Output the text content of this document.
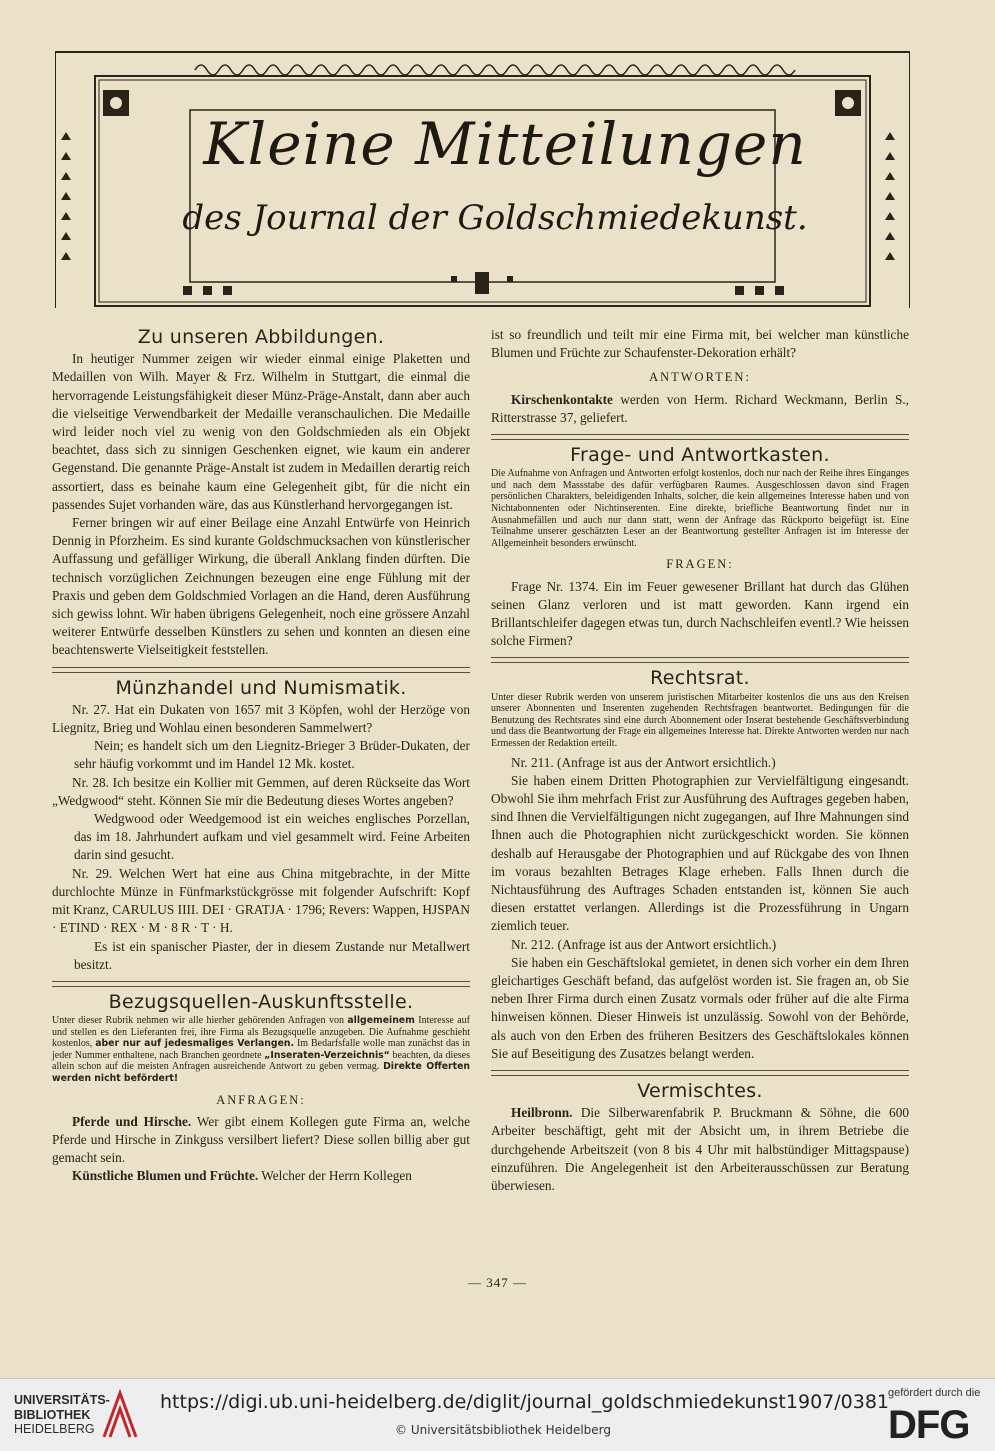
Kleine Mitteilungen
des Journal der Goldschmiedekunst.
Zu unseren Abbildungen.

In heutiger Nummer zeigen wir wieder einmal einige Plaketten und Medaillen von Wilh. Mayer & Frz. Wilhelm in Stuttgart, die einmal die hervorragende Leistungsfähigkeit dieser Münz-Präge-Anstalt, dann aber auch die vielseitige Verwendbarkeit der Medaille veranschaulichen. Die Medaille wird leider noch viel zu wenig von den Goldschmieden als ein Objekt beachtet, dass sich zu sinnigen Geschenken eignet, wie kaum ein anderer Gegenstand. Die genannte Präge-Anstalt ist zudem in Medaillen derartig reich assortiert, dass es beinahe kaum eine Gelegenheit gibt, für die nicht ein passendes Sujet vorhanden wäre, das aus Künstlerhand hervorgegangen ist.

Ferner bringen wir auf einer Beilage eine Anzahl Entwürfe von Heinrich Dennig in Pforzheim. Es sind kurante Goldschmucksachen von künstlerischer Auffassung und gefälliger Wirkung, die überall Anklang finden dürften. Die technisch vorzüglichen Zeichnungen bezeugen eine enge Fühlung mit der Praxis und geben dem Goldschmied Vorlagen an die Hand, deren Ausführung sich gewiss lohnt. Wir haben übrigens Gelegenheit, noch eine grössere Anzahl weiterer Entwürfe desselben Künstlers zu sehen und konnten an diesen eine beachtenswerte Vielseitigkeit feststellen.

Münzhandel und Numismatik.

Nr. 27. Hat ein Dukaten von 1657 mit 3 Köpfen, wohl der Herzöge von Liegnitz, Brieg und Wohlau einen besonderen Sammelwert?

Nein; es handelt sich um den Liegnitz-Brieger 3 Brüder-Dukaten, der sehr häufig vorkommt und im Handel 12 Mk. kostet.

Nr. 28. Ich besitze ein Kollier mit Gemmen, auf deren Rückseite das Wort „Wedgwood“ steht. Können Sie mir die Bedeutung dieses Wortes angeben?

Wedgwood oder Weedgemood ist ein weiches englisches Porzellan, das im 18. Jahrhundert aufkam und viel gesammelt wird. Feine Arbeiten darin sind gesucht.

Nr. 29. Welchen Wert hat eine aus China mitgebrachte, in der Mitte durchlochte Münze in Fünfmarkstückgrösse mit folgender Aufschrift: Kopf mit Kranz, CARULUS IIII. DEI · GRATJA · 1796; Revers: Wappen, HJSPAN · ETIND · REX · M · 8 R · T · H.

Es ist ein spanischer Piaster, der in diesem Zustande nur Metallwert besitzt.

Bezugsquellen-Auskunftsstelle.
Unter dieser Rubrik nehmen wir alle hierher gehörenden Anfragen von allgemeinem Interesse auf und stellen es den Lieferanten frei, ihre Firma als Bezugsquelle anzugeben. Die Aufnahme geschieht kostenlos, aber nur auf jedesmaliges Verlangen. Im Bedarfsfalle wolle man zunächst das in jeder Nummer enthaltene, nach Branchen geordnete „Inseraten-Verzeichnis“ beachten, da dieses allein schon auf die meisten Anfragen ausreichende Antwort zu geben vermag. Direkte Offerten werden nicht befördert!
ANFRAGEN:

Pferde und Hirsche. Wer gibt einem Kollegen gute Firma an, welche Pferde und Hirsche in Zinkguss versilbert liefert? Diese sollen billig aber gut gemacht sein.

Künstliche Blumen und Früchte. Welcher der Herrn Kollegen

ist so freundlich und teilt mir eine Firma mit, bei welcher man künstliche Blumen und Früchte zur Schaufenster-Dekoration erhält?

ANTWORTEN:

Kirschenkontakte werden von Herm. Richard Weckmann, Berlin S., Ritterstrasse 37, geliefert.

Frage- und Antwortkasten.
Die Aufnahme von Anfragen und Antworten erfolgt kostenlos, doch nur nach der Reihe ihres Einganges und nach dem Massstabe des dafür verfügbaren Raumes. Ausgeschlossen davon sind Fragen persönlichen Charakters, beleidigenden Inhalts, solcher, die kein allgemeines Interesse haben und von Nichtabonnenten oder Nichtinserenten. Eine direkte, briefliche Beantwortung findet nur in Ausnahmefällen und auch nur dann statt, wenn der Anfrage das Rückporto beigefügt ist. Eine Teilnahme unserer geschätzten Leser an der Beantwortung gestellter Anfragen ist im Interesse der Allgemeinheit besonders erwünscht.
FRAGEN:

Frage Nr. 1374. Ein im Feuer gewesener Brillant hat durch das Glühen seinen Glanz verloren und ist matt geworden. Kann irgend ein Brillantschleifer dagegen etwas tun, durch Nachschleifen eventl.? Wie heissen solche Firmen?

Rechtsrat.
Unter dieser Rubrik werden von unserem juristischen Mitarbeiter kostenlos die uns aus den Kreisen unserer Abonnenten und Inserenten zugehenden Rechtsfragen beantwortet. Bedingungen für die Benutzung des Rechtsrates sind eine durch Abonnement oder Inserat bestehende Geschäftsverbindung und dass die Beantwortung der Frage ein allgemeines Interesse hat. Direkte Antworten werden nur nach Ermessen der Redaktion erteilt.

Nr. 211. (Anfrage ist aus der Antwort ersichtlich.)

Sie haben einem Dritten Photographien zur Vervielfältigung eingesandt. Obwohl Sie ihm mehrfach Frist zur Ausführung des Auftrages gegeben haben, sind Ihnen die Vervielfältigungen nicht zugegangen, auf Ihre Mahnungen sind Ihnen auch die Photographien nicht zurückgeschickt worden. Sie können deshalb auf Herausgabe der Photographien und auf Rückgabe des von Ihnen im voraus bezahlten Betrages Klage erheben. Falls Ihnen durch die Nichtausführung des Auftrages Schaden entstanden ist, können Sie auch diesen erstattet verlangen. Allerdings ist die Prozessführung in Ungarn ziemlich teuer.

Nr. 212. (Anfrage ist aus der Antwort ersichtlich.)

Sie haben ein Geschäftslokal gemietet, in denen sich vorher ein dem Ihren gleichartiges Geschäft befand, das aufgelöst worden ist. Sie fragen an, ob Sie neben Ihrer Firma durch einen Zusatz vormals oder früher auf die alte Firma hinweisen können. Dieser Hinweis ist unzulässig. Sowohl von der Behörde, als auch von den Erben des früheren Besitzers des Geschäftslokales können Sie auf Beseitigung des Zusatzes belangt werden.

Vermischtes.

Heilbronn. Die Silberwarenfabrik P. Bruckmann & Söhne, die 600 Arbeiter beschäftigt, geht mit der Absicht um, in ihrem Betriebe die durchgehende Arbeitszeit (von 8 bis 4 Uhr mit halbstündiger Mittagspause) einzuführen. Die Angelegenheit ist den Arbeiterausschüssen zur Beratung überwiesen.

— 347 —
UNIVERSITÄTS-
BIBLIOTHEK
HEIDELBERG
https://digi.ub.uni-heidelberg.de/diglit/journal_goldschmiedekunst1907/0381
© Universitätsbibliothek Heidelberg
gefördert durch die
DFG
